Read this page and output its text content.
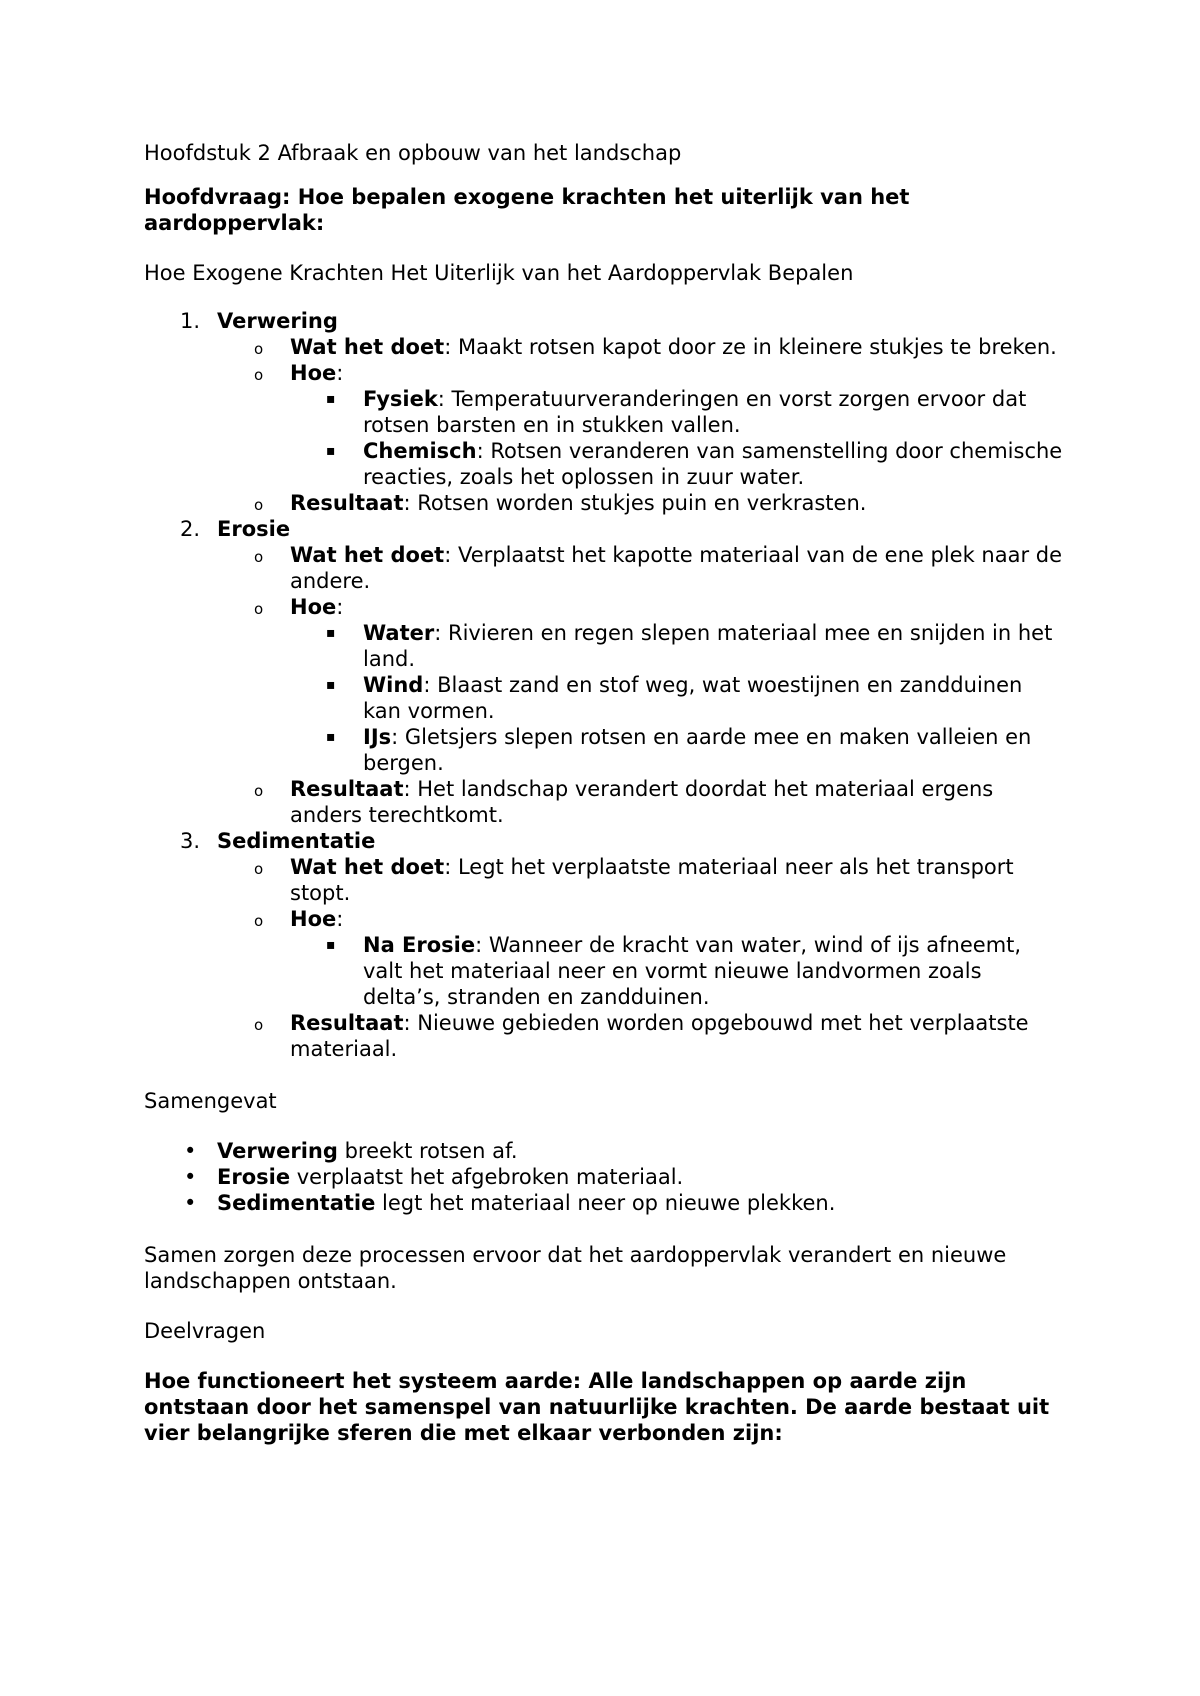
Hoofdstuk 2 Afbraak en opbouw van het landschap

Hoofdvraag: Hoe bepalen exogene krachten het uiterlijk van het aardoppervlak:

Hoe Exogene Krachten Het Uiterlijk van het Aardoppervlak Bepalen

1. Verwering
o Wat het doet: Maakt rotsen kapot door ze in kleinere stukjes te breken.
o Hoe:
▪ Fysiek: Temperatuurveranderingen en vorst zorgen ervoor dat rotsen barsten en in stukken vallen.
▪ Chemisch: Rotsen veranderen van samenstelling door chemische reacties, zoals het oplossen in zuur water.
o Resultaat: Rotsen worden stukjes puin en verkrasten.
2. Erosie
o Wat het doet: Verplaatst het kapotte materiaal van de ene plek naar de andere.
o Hoe:
▪ Water: Rivieren en regen slepen materiaal mee en snijden in het land.
▪ Wind: Blaast zand en stof weg, wat woestijnen en zandduinen kan vormen.
▪ IJs: Gletsjers slepen rotsen en aarde mee en maken valleien en bergen.
o Resultaat: Het landschap verandert doordat het materiaal ergens anders terechtkomt.
3. Sedimentatie
o Wat het doet: Legt het verplaatste materiaal neer als het transport stopt.
o Hoe:
▪ Na Erosie: Wanneer de kracht van water, wind of ijs afneemt, valt het materiaal neer en vormt nieuwe landvormen zoals delta’s, stranden en zandduinen.
o Resultaat: Nieuwe gebieden worden opgebouwd met het verplaatste materiaal.

Samengevat

• Verwering breekt rotsen af.
• Erosie verplaatst het afgebroken materiaal.
• Sedimentatie legt het materiaal neer op nieuwe plekken.

Samen zorgen deze processen ervoor dat het aardoppervlak verandert en nieuwe landschappen ontstaan.

Deelvragen

Hoe functioneert het systeem aarde: Alle landschappen op aarde zijn ontstaan door het samenspel van natuurlijke krachten. De aarde bestaat uit vier belangrijke sferen die met elkaar verbonden zijn:
